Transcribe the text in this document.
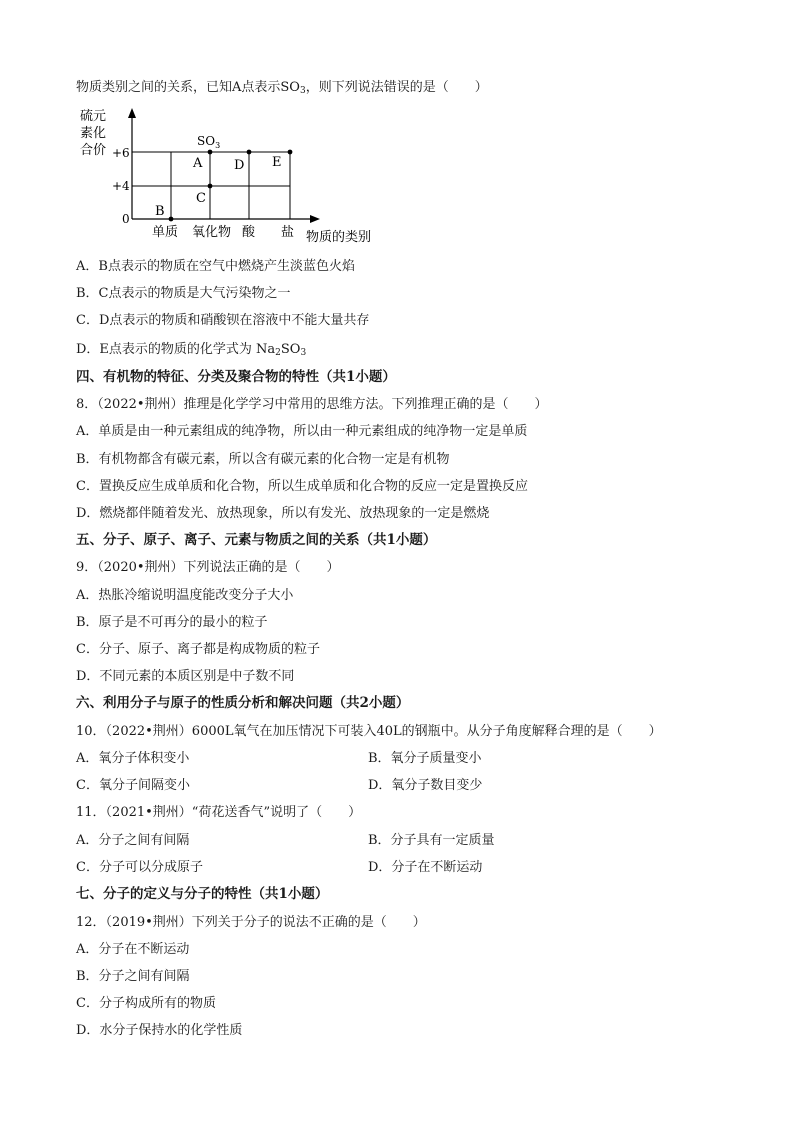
物质类别之间的关系，已知A点表示$SO_3$，则下列说法错误的是（　　）
硫元
素化
合价 +6
+4
0
单质 氧化物 酸 盐 物质的类别
$SO_3$
A
B
C
D E
A．B点表示的物质在空气中燃烧产生淡蓝色火焰
B．C点表示的物质是大气污染物之一
C．D点表示的物质和硝酸钡在溶液中不能大量共存
D．E点表示的物质的化学式为 $Na_2SO_3$
四、有机物的特征、分类及聚合物的特性（共1小题）
8．（2022•荆州）推理是化学学习中常用的思维方法。下列推理正确的是（　　）
A．单质是由一种元素组成的纯净物，所以由一种元素组成的纯净物一定是单质
B．有机物都含有碳元素，所以含有碳元素的化合物一定是有机物
C．置换反应生成单质和化合物，所以生成单质和化合物的反应一定是置换反应
D．燃烧都伴随着发光、放热现象，所以有发光、放热现象的一定是燃烧
五、分子、原子、离子、元素与物质之间的关系（共1小题）
9．（2020•荆州）下列说法正确的是（　　）
A．热胀冷缩说明温度能改变分子大小
B．原子是不可再分的最小的粒子
C．分子、原子、离子都是构成物质的粒子
D．不同元素的本质区别是中子数不同
六、利用分子与原子的性质分析和解决问题（共2小题）
10．（2022•荆州）6000L氧气在加压情况下可装入40L的钢瓶中。从分子角度解释合理的是（　　）
A．氧分子体积变小	B．氧分子质量变小
C．氧分子间隔变小	D．氧分子数目变少
11．（2021•荆州）“荷花送香气”说明了（　　）
A．分子之间有间隔	B．分子具有一定质量
C．分子可以分成原子	D．分子在不断运动
七、分子的定义与分子的特性（共1小题）
12．（2019•荆州）下列关于分子的说法不正确的是（　　）
A．分子在不断运动
B．分子之间有间隔
C．分子构成所有的物质
D．水分子保持水的化学性质
